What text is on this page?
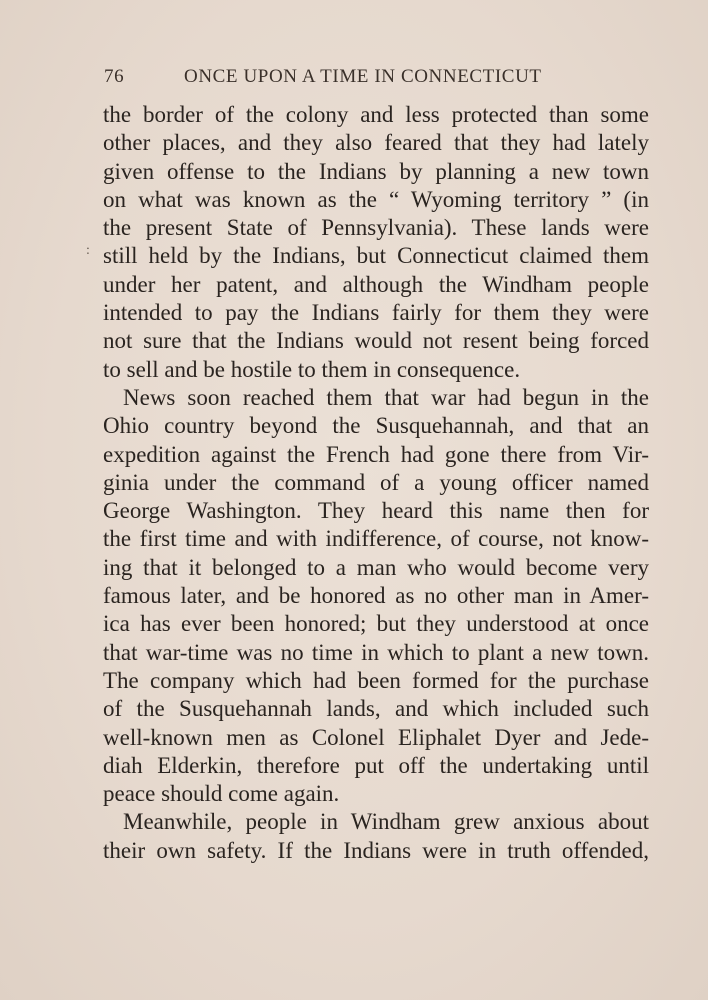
76	ONCE UPON A TIME IN CONNECTICUT
:
the border of the colony and less protected than some
other places, and they also feared that they had lately
given offense to the Indians by planning a new town
on what was known as the “ Wyoming territory ” (in
the present State of Pennsylvania). These lands were
still held by the Indians, but Connecticut claimed them
under her patent, and although the Windham people
intended to pay the Indians fairly for them they were
not sure that the Indians would not resent being forced
to sell and be hostile to them in consequence.
News soon reached them that war had begun in the
Ohio country beyond the Susquehannah, and that an
expedition against the French had gone there from Vir-
ginia under the command of a young officer named
George Washington. They heard this name then for
the first time and with indifference, of course, not know-
ing that it belonged to a man who would become very
famous later, and be honored as no other man in Amer-
ica has ever been honored; but they understood at once
that war-time was no time in which to plant a new town.
The company which had been formed for the purchase
of the Susquehannah lands, and which included such
well-known men as Colonel Eliphalet Dyer and Jede-
diah Elderkin, therefore put off the undertaking until
peace should come again.
Meanwhile, people in Windham grew anxious about
their own safety. If the Indians were in truth offended,
